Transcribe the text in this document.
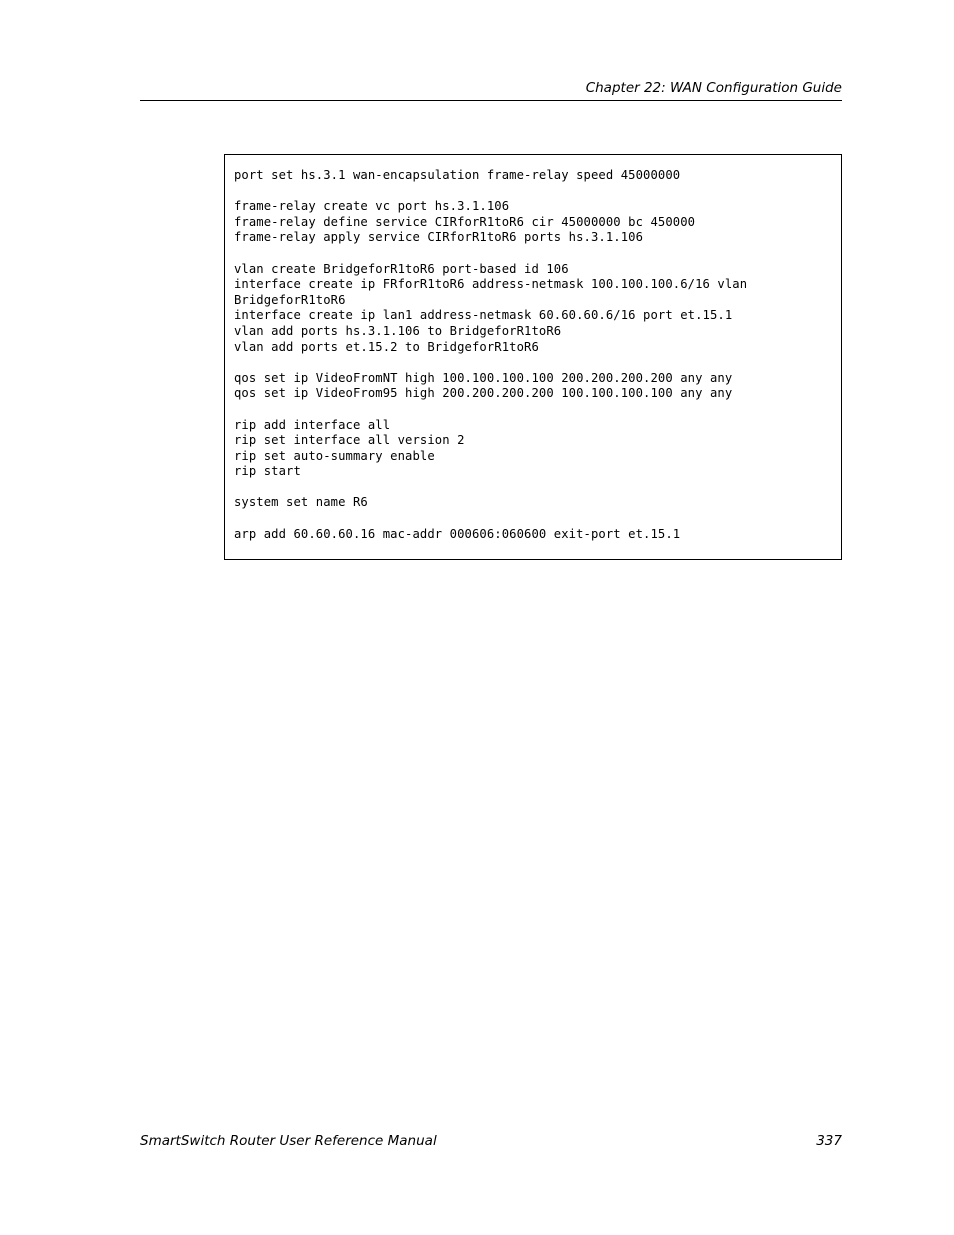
Chapter 22: WAN Configuration Guide
port set hs.3.1 wan-encapsulation frame-relay speed 45000000
frame-relay create vc port hs.3.1.106
frame-relay define service CIRforR1toR6 cir 45000000 bc 450000
frame-relay apply service CIRforR1toR6 ports hs.3.1.106
vlan create BridgeforR1toR6 port-based id 106
interface create ip FRforR1toR6 address-netmask 100.100.100.6/16 vlan
BridgeforR1toR6
interface create ip lan1 address-netmask 60.60.60.6/16 port et.15.1
vlan add ports hs.3.1.106 to BridgeforR1toR6
vlan add ports et.15.2 to BridgeforR1toR6
qos set ip VideoFromNT high 100.100.100.100 200.200.200.200 any any
qos set ip VideoFrom95 high 200.200.200.200 100.100.100.100 any any
rip add interface all
rip set interface all version 2
rip set auto-summary enable
rip start
system set name R6
arp add 60.60.60.16 mac-addr 000606:060600 exit-port et.15.1
SmartSwitch Router User Reference Manual	337
